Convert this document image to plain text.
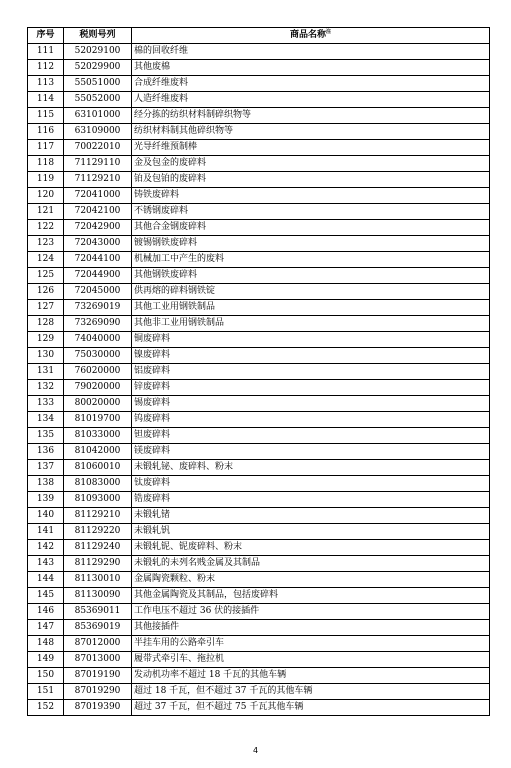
序号	税则号列	商品名称$^注$
111	52029100	棉的回收纤维
112	52029900	其他废棉
113	55051000	合成纤维废料
114	55052000	人造纤维废料
115	63101000	经分拣的纺织材料制碎织物等
116	63109000	纺织材料制其他碎织物等
117	70022010	光导纤维预制棒
118	71129110	金及包金的废碎料
119	71129210	铂及包铂的废碎料
120	72041000	铸铁废碎料
121	72042100	不锈钢废碎料
122	72042900	其他合金钢废碎料
123	72043000	镀锡钢铁废碎料
124	72044100	机械加工中产生的废料
125	72044900	其他钢铁废碎料
126	72045000	供再熔的碎料钢铁锭
127	73269019	其他工业用钢铁制品
128	73269090	其他非工业用钢铁制品
129	74040000	铜废碎料
130	75030000	镍废碎料
131	76020000	铝废碎料
132	79020000	锌废碎料
133	80020000	锡废碎料
134	81019700	钨废碎料
135	81033000	钽废碎料
136	81042000	镁废碎料
137	81060010	未锻轧铋、废碎料、粉末
138	81083000	钛废碎料
139	81093000	锆废碎料
140	81129210	未锻轧锗
141	81129220	未锻轧钒
142	81129240	未锻轧铌、铌废碎料、粉末
143	81129290	未锻轧的未列名贱金属及其制品
144	81130010	金属陶瓷颗粒、粉末
145	81130090	其他金属陶瓷及其制品，包括废碎料
146	85369011	工作电压不超过 36 伏的接插件
147	85369019	其他接插件
148	87012000	半挂车用的公路牵引车
149	87013000	履带式牵引车、拖拉机
150	87019190	发动机功率不超过 18 千瓦的其他车辆
151	87019290	超过 18 千瓦，但不超过 37 千瓦的其他车辆
152	87019390	超过 37 千瓦，但不超过 75 千瓦其他车辆
4
